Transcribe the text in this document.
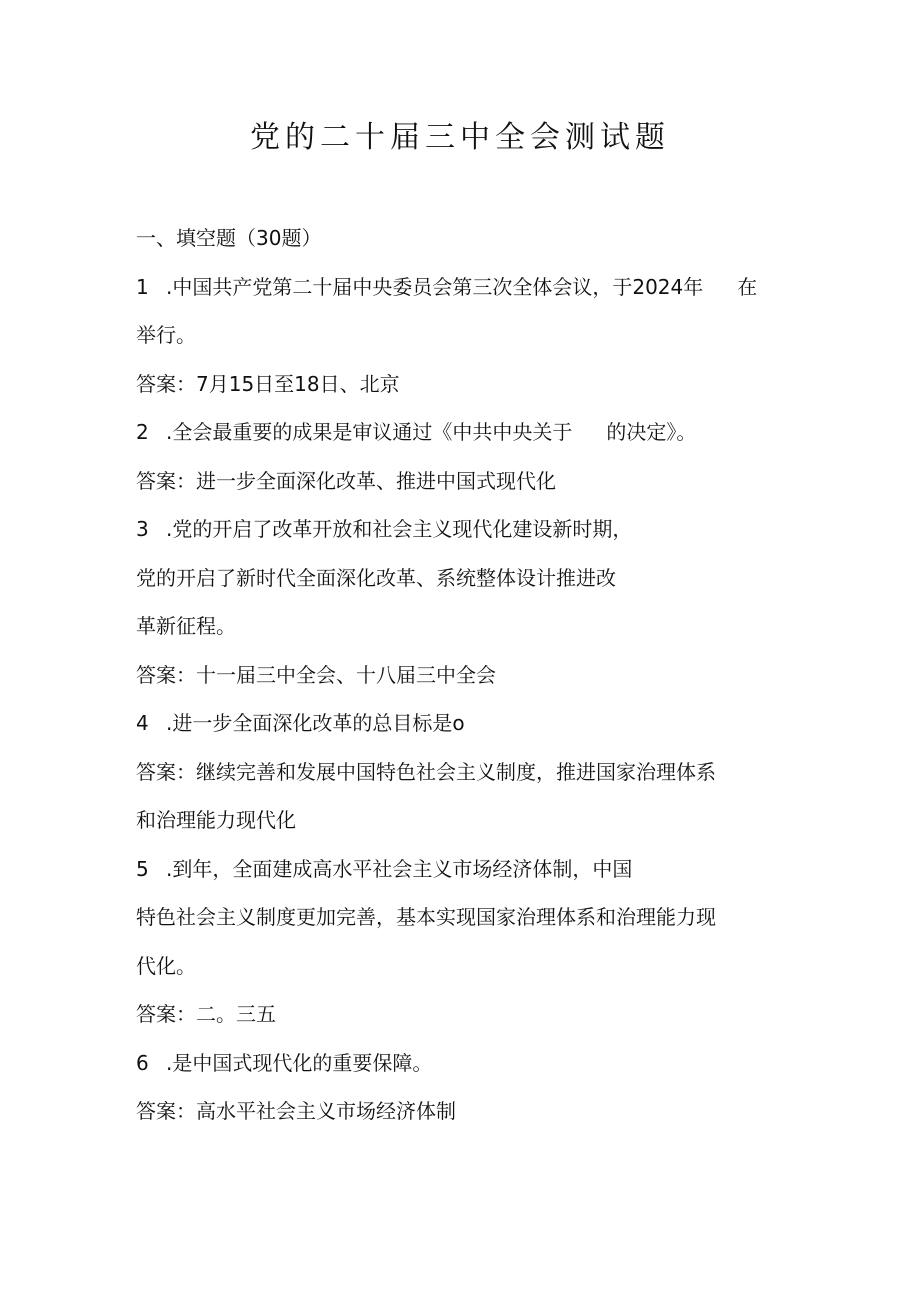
党的二十届三中全会测试题
一、填空题（30题）
1 .中国共产党第二十届中央委员会第三次全体会议，于2024年 在
举行。
答案：7月15日至18日、北京
2 .全会最重要的成果是审议通过《中共中央关于 的决定》。
答案：进一步全面深化改革、推进中国式现代化
3 .党的开启了改革开放和社会主义现代化建设新时期，
党的开启了新时代全面深化改革、系统整体设计推进改
革新征程。
答案：十一届三中全会、十八届三中全会
4 .进一步全面深化改革的总目标是o
答案：继续完善和发展中国特色社会主义制度，推进国家治理体系
和治理能力现代化
5 .到年，全面建成高水平社会主义市场经济体制，中国
特色社会主义制度更加完善，基本实现国家治理体系和治理能力现
代化。
答案：二。三五
6 .是中国式现代化的重要保障。
答案：高水平社会主义市场经济体制
